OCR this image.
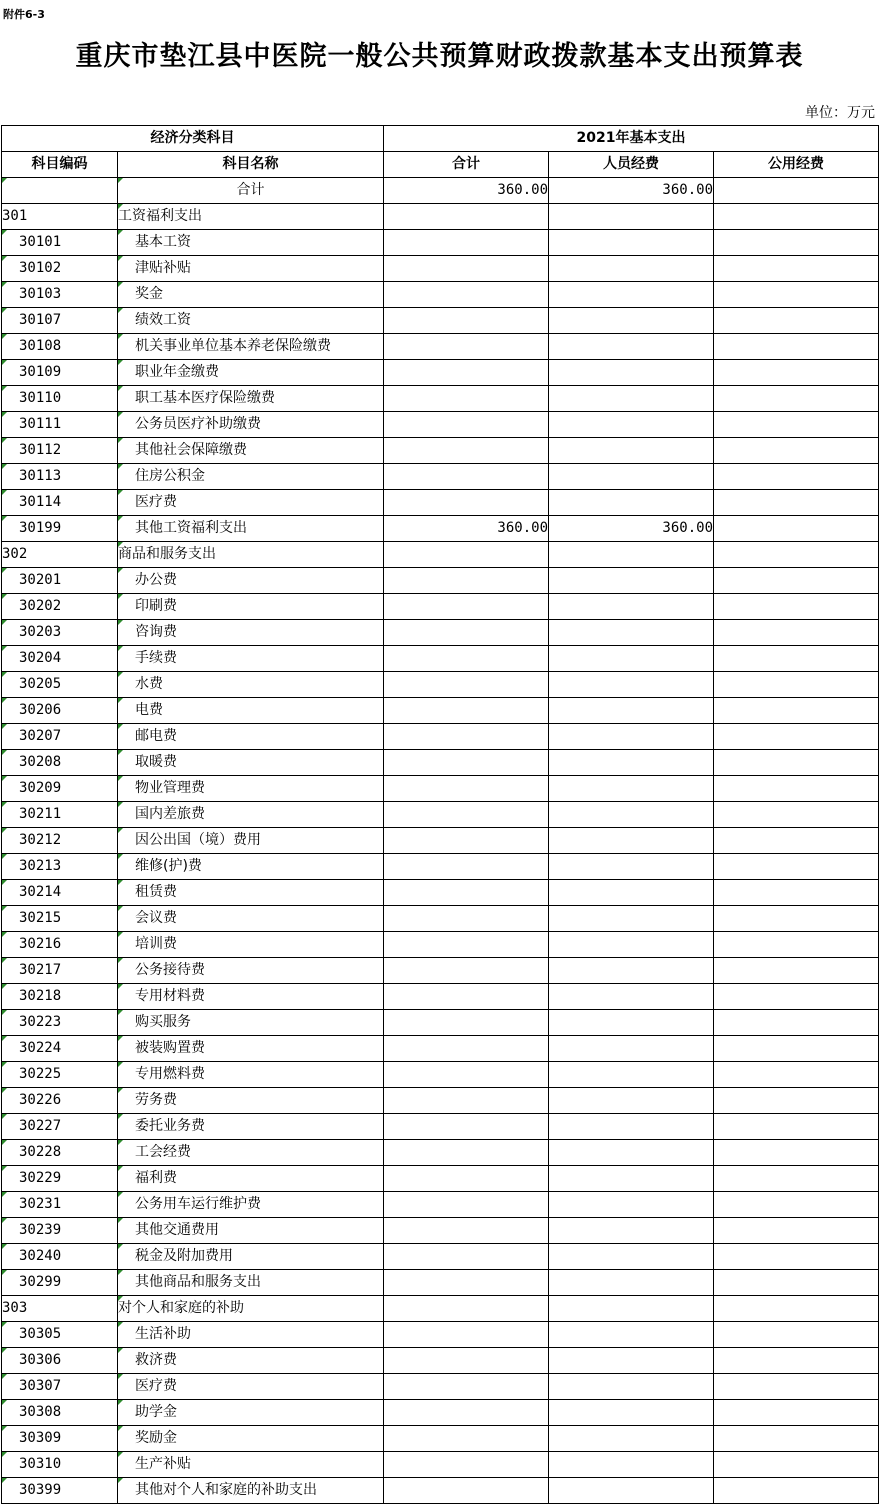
附件6-3
重庆市垫江县中医院一般公共预算财政拨款基本支出预算表
单位：万元
经济分类科目		2021年基本支出		
科目编码	科目名称	合计	人员经费	公用经费
	合计	360.00	360.00	
301	工资福利支出			
30101	基本工资			
30102	津贴补贴			
30103	奖金			
30107	绩效工资			
30108	机关事业单位基本养老保险缴费			
30109	职业年金缴费			
30110	职工基本医疗保险缴费			
30111	公务员医疗补助缴费			
30112	其他社会保障缴费			
30113	住房公积金			
30114	医疗费			
30199	其他工资福利支出	360.00	360.00	
302	商品和服务支出			
30201	办公费			
30202	印刷费			
30203	咨询费			
30204	手续费			
30205	水费			
30206	电费			
30207	邮电费			
30208	取暖费			
30209	物业管理费			
30211	国内差旅费			
30212	因公出国（境）费用			
30213	维修(护)费			
30214	租赁费			
30215	会议费			
30216	培训费			
30217	公务接待费			
30218	专用材料费			
30223	购买服务			
30224	被装购置费			
30225	专用燃料费			
30226	劳务费			
30227	委托业务费			
30228	工会经费			
30229	福利费			
30231	公务用车运行维护费			
30239	其他交通费用			
30240	税金及附加费用			
30299	其他商品和服务支出			
303	对个人和家庭的补助			
30305	生活补助			
30306	救济费			
30307	医疗费			
30308	助学金			
30309	奖励金			
30310	生产补贴			
30399	其他对个人和家庭的补助支出			
